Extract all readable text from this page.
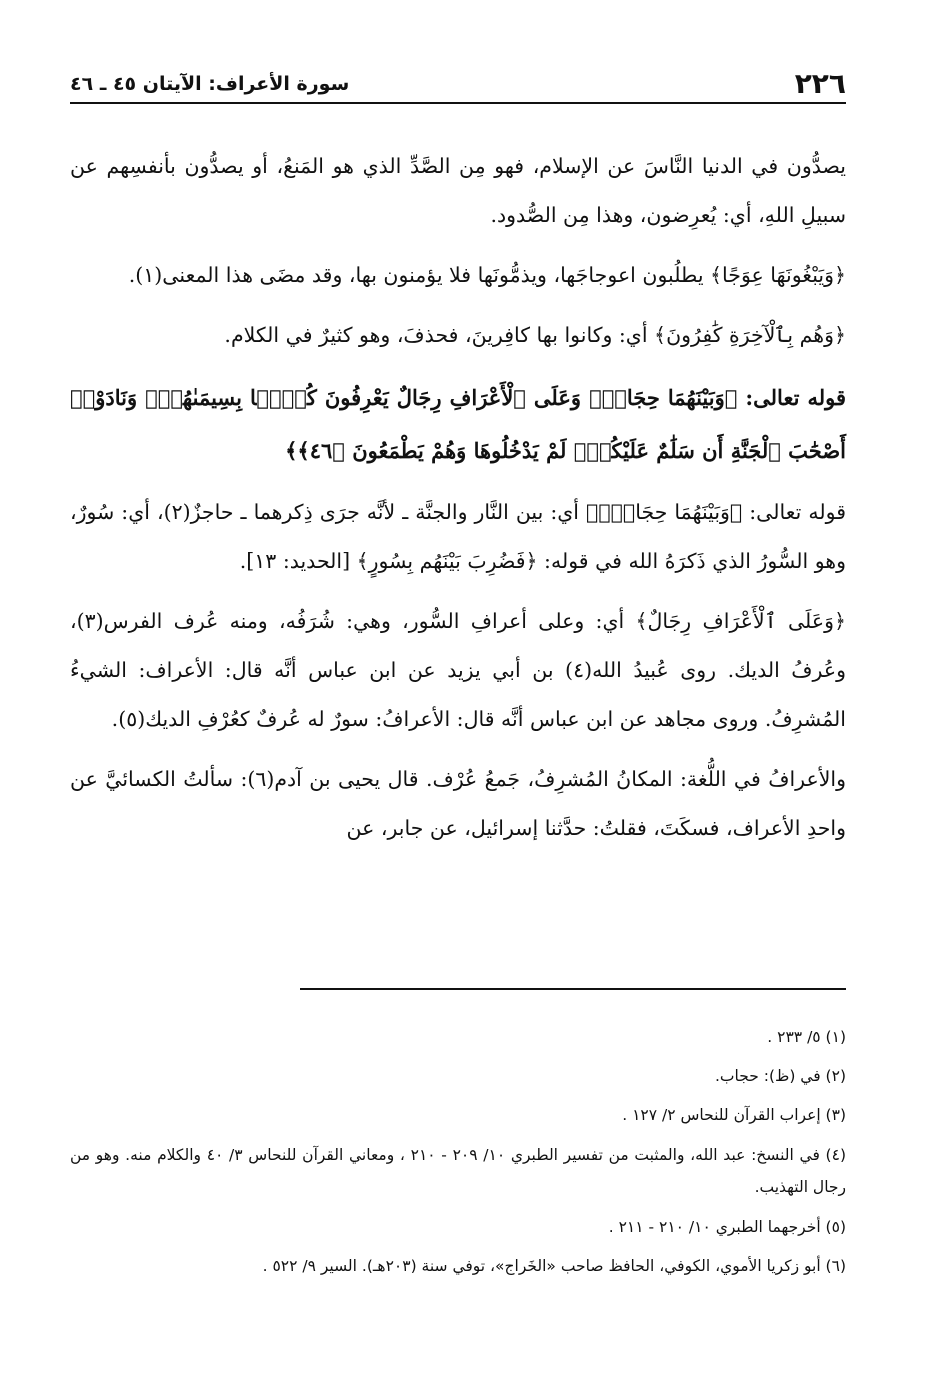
٢٢٦
سورة الأعراف: الآيتان ٤٥ ـ ٤٦

يصدُّون في الدنيا النَّاسَ عن الإسلام، فهو مِن الصَّدِّ الذي هو المَنعُ، أو يصدُّون بأنفسِهم عن سبيلِ اللهِ، أي: يُعرِضون، وهذا مِن الصُّدود.

﴿وَيَبْغُونَهَا عِوَجًا﴾ يطلُبون اعوجاجَها، ويذمُّونَها فلا يؤمنون بها، وقد مضَى هذا المعنى(١).

﴿وَهُم بِٱلْآخِرَةِ كَٰفِرُونَ﴾ أي: وكانوا بها كافِرينَ، فحذفَ، وهو كثيرٌ في الكلام.

قوله تعالى: ﴿وَبَيْنَهُمَا حِجَابٌۚ وَعَلَى ٱلْأَعْرَافِ رِجَالٌ يَعْرِفُونَ كُلًّۢا بِسِيمَىٰهُمْۚ وَنَادَوْا۟ أَصْحَٰبَ ٱلْجَنَّةِ أَن سَلَٰمٌ عَلَيْكُمْۚ لَمْ يَدْخُلُوهَا وَهُمْ يَطْمَعُونَ ﴿٤٦﴾﴾

قوله تعالى: ﴿وَبَيْنَهُمَا حِجَابٌۚ﴾ أي: بين النَّار والجنَّة ـ لأنَّه جرَى ذِكرهما ـ حاجزٌ(٢)، أي: سُورٌ، وهو السُّورُ الذي ذَكرَهُ الله في قوله: ﴿فَضُرِبَ بَيْنَهُم بِسُورٍ﴾ [الحديد: ١٣].

﴿وَعَلَى ٱلْأَعْرَافِ رِجَالٌ﴾ أي: وعلى أعرافِ السُّور، وهي: شُرَفُه، ومنه عُرف الفرس(٣)، وعُرفُ الديك. روى عُبيدُ الله(٤) بن أبي يزيد عن ابن عباس أنَّه قال: الأعراف: الشيءُ المُشرِفُ. وروى مجاهد عن ابن عباس أنَّه قال: الأعرافُ: سورٌ له عُرفٌ كعُرْفِ الديك(٥).

والأعرافُ في اللُّغة: المكانُ المُشرِفُ، جَمعُ عُرْف. قال يحيى بن آدم(٦): سألتُ الكسائيَّ عن واحدِ الأعراف، فسكَتَ، فقلتُ: حدَّثنا إسرائيل، عن جابر، عن

(١) ٥/ ٢٣٣ .

(٢) في (ظ): حجاب.

(٣) إعراب القرآن للنحاس ٢/ ١٢٧ .

(٤) في النسخ: عبد الله، والمثبت من تفسير الطبري ١٠/ ٢٠٩ - ٢١٠ ، ومعاني القرآن للنحاس ٣/ ٤٠ والكلام منه. وهو من رجال التهذيب.

(٥) أخرجهما الطبري ١٠/ ٢١٠ - ٢١١ .

(٦) أبو زكريا الأموي، الكوفي، الحافظ صاحب «الخَراج»، توفي سنة (٢٠٣هـ). السير ٩/ ٥٢٢ .
